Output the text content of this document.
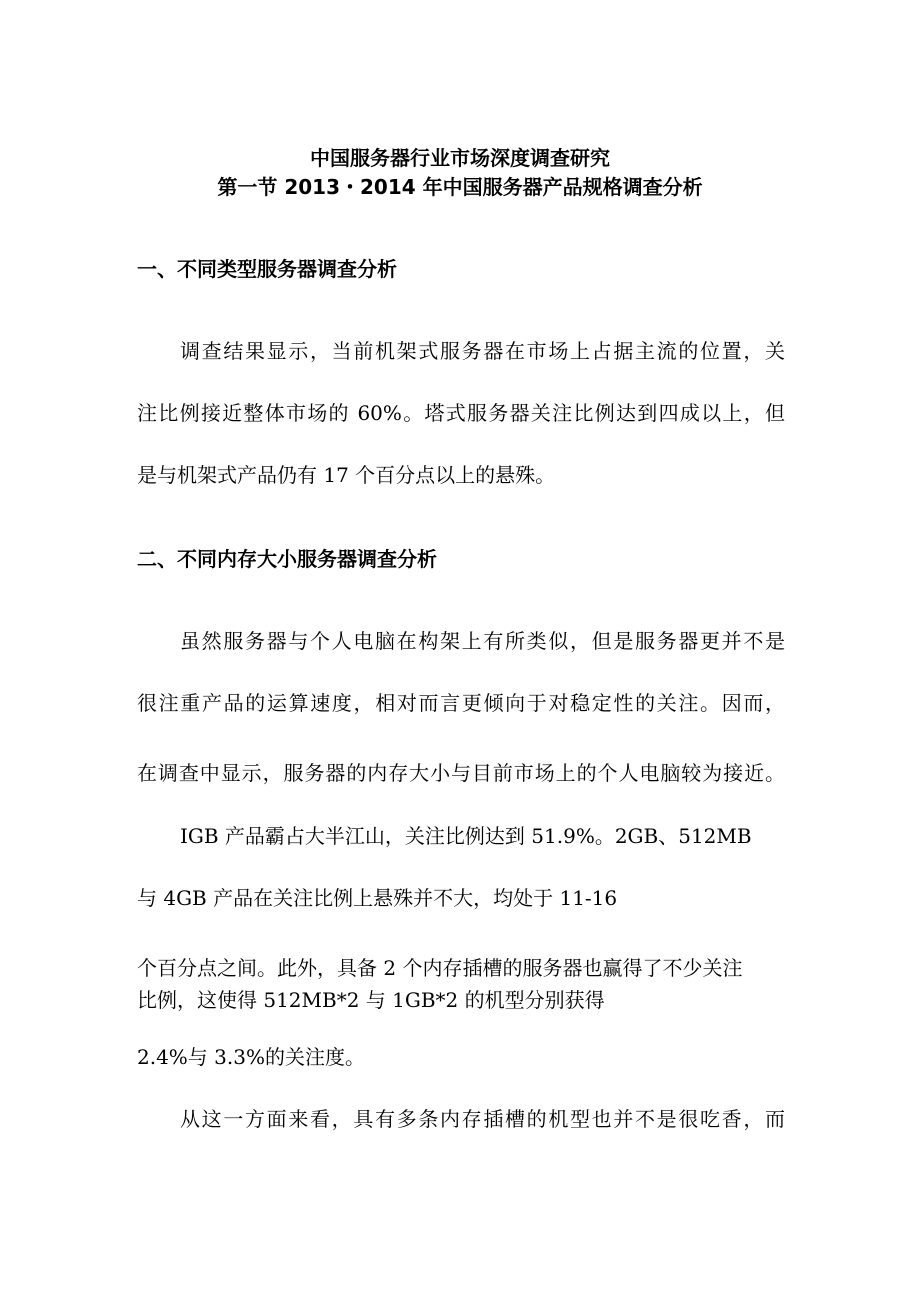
中国服务器行业市场深度调查研究
第一节 2013・2014 年中国服务器产品规格调查分析
一、不同类型服务器调查分析
调查结果显示，当前机架式服务器在市场上占据主流的位置，关
注比例接近整体市场的 60%。塔式服务器关注比例达到四成以上，但
是与机架式产品仍有 17 个百分点以上的悬殊。
二、不同内存大小服务器调查分析
虽然服务器与个人电脑在构架上有所类似，但是服务器更并不是
很注重产品的运算速度，相对而言更倾向于对稳定性的关注。因而，
在调查中显示，服务器的内存大小与目前市场上的个人电脑较为接近。
IGB 产品霸占大半江山，关注比例达到 51.9%。2GB、512MB
与 4GB 产品在关注比例上悬殊并不大，均处于 11-16
个百分点之间。此外，具备 2 个内存插槽的服务器也赢得了不少关注
比例，这使得 512MB*2 与 1GB*2 的机型分别获得
2.4%与 3.3%的关注度。
从这一方面来看，具有多条内存插槽的机型也并不是很吃香，而
